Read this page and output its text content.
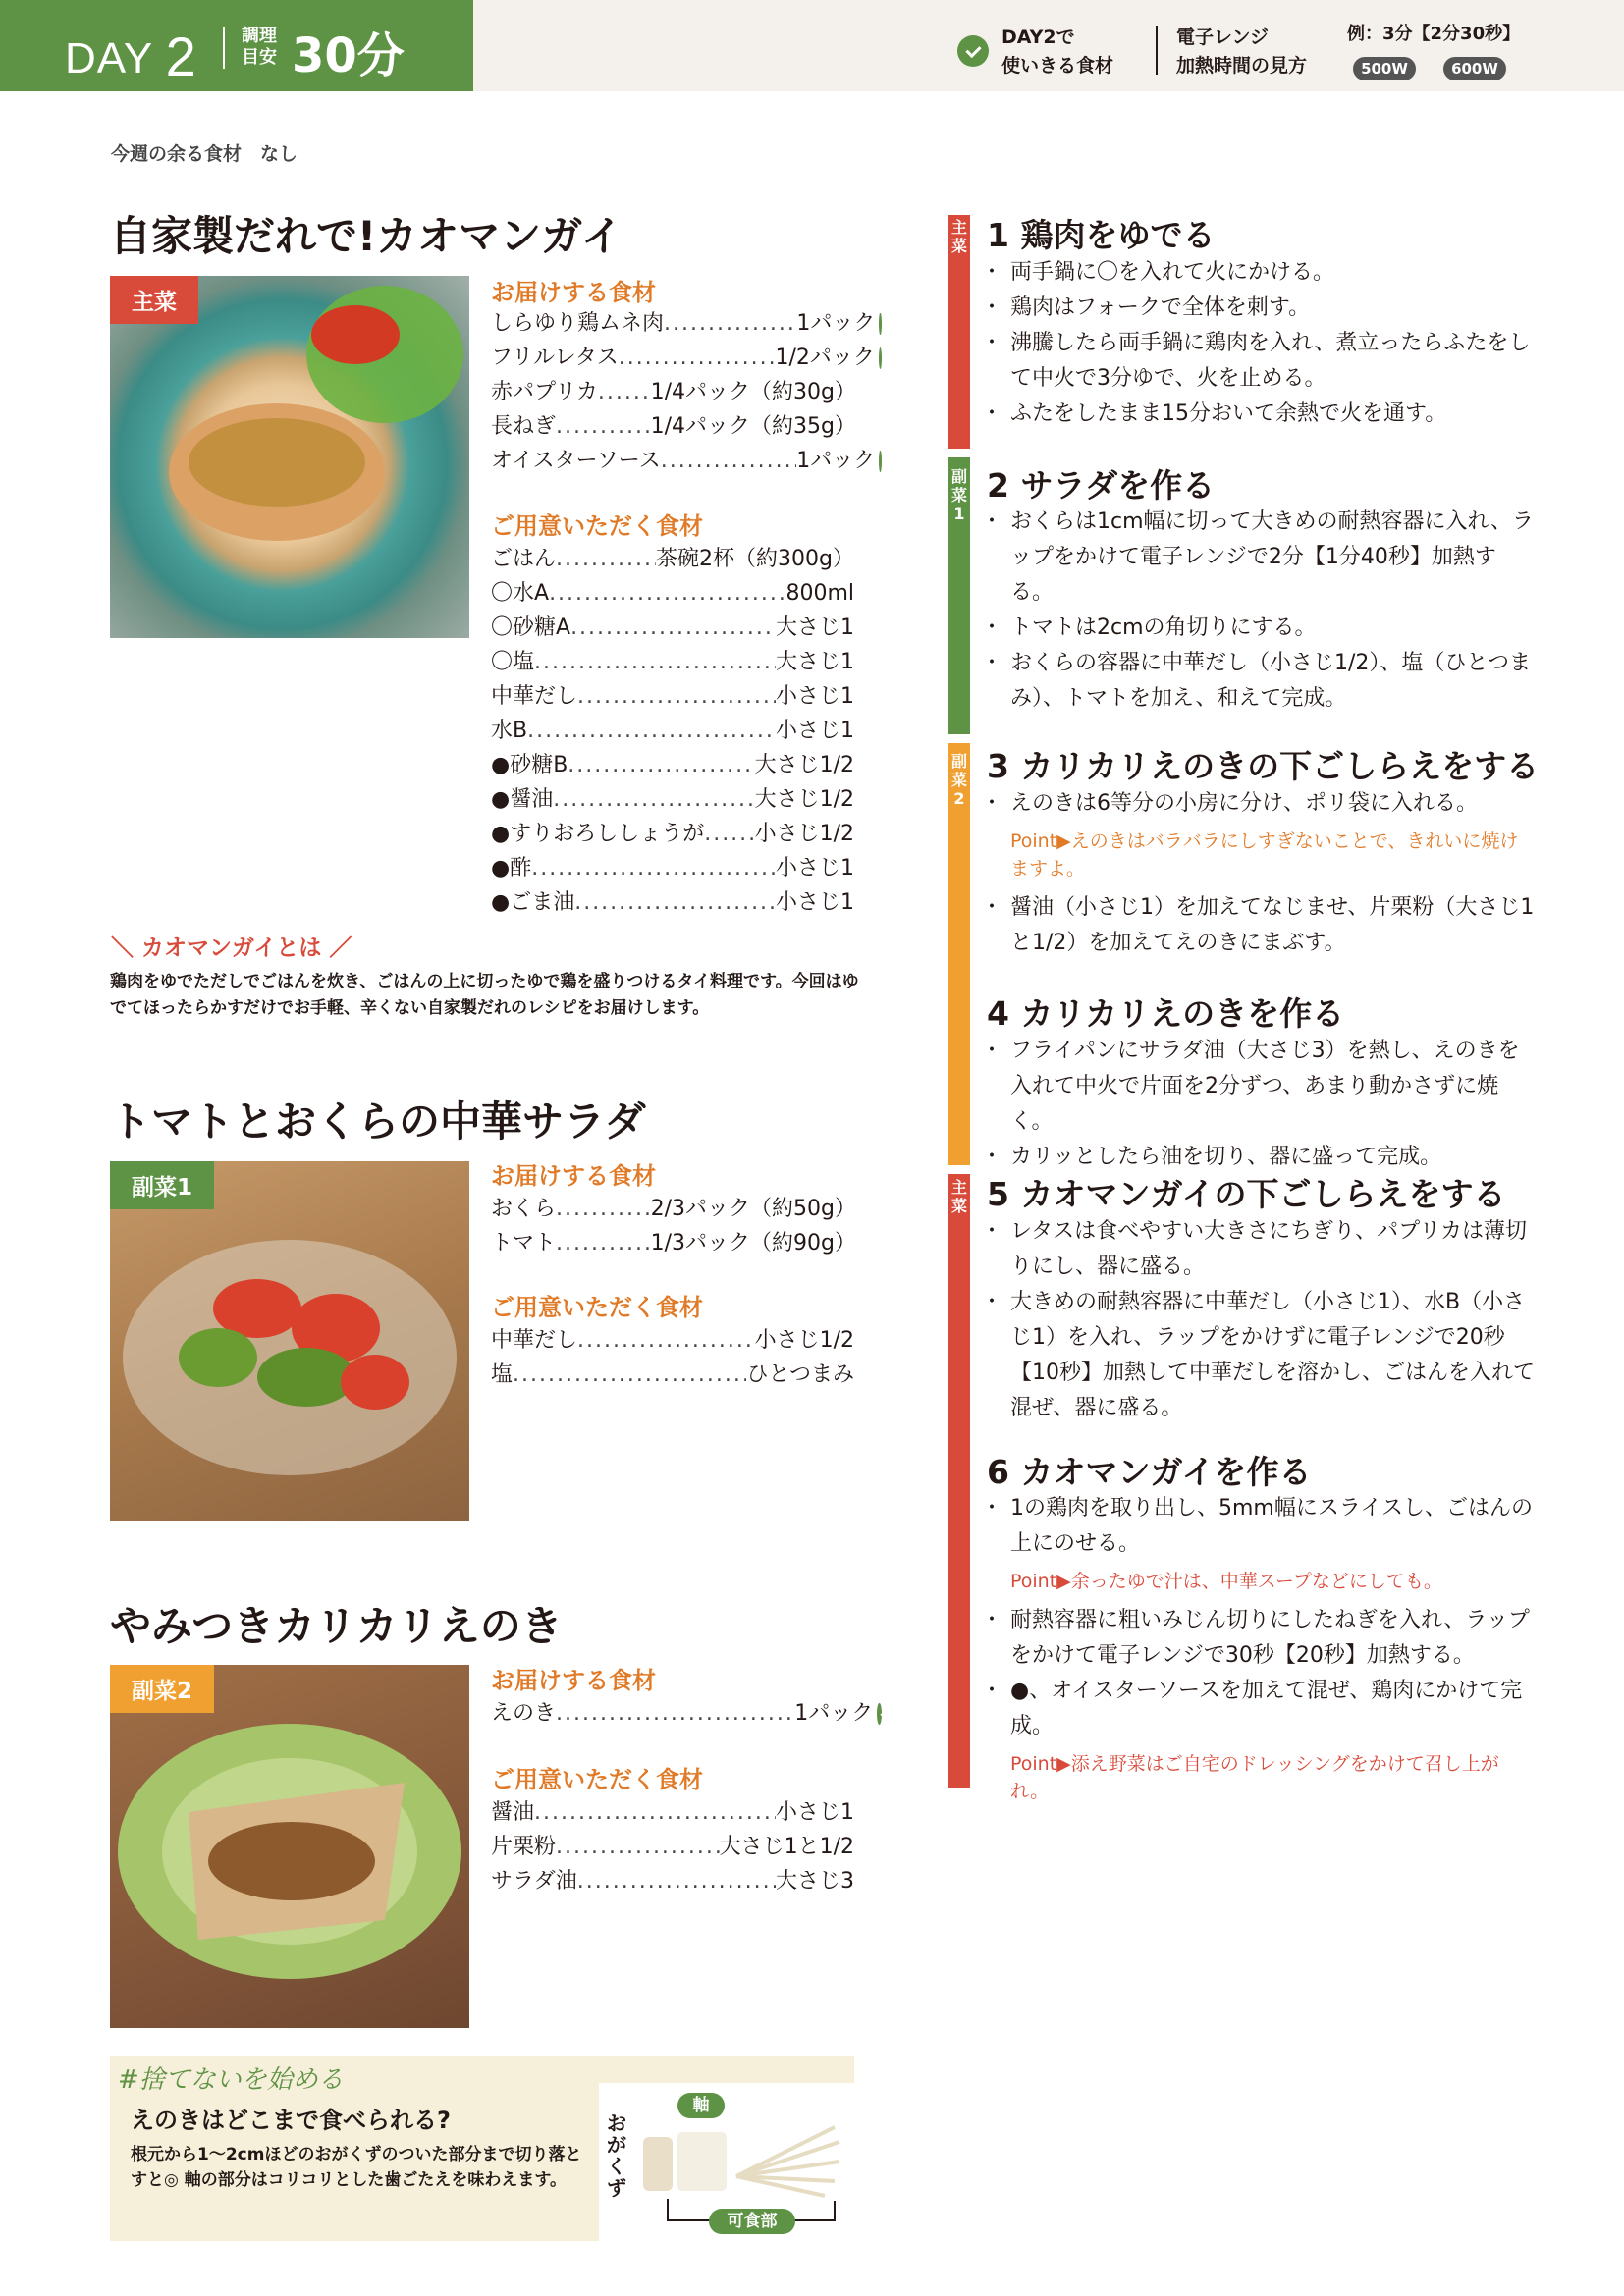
DAY 2	調理
目安 30分	DAY2で
使いきる食材
電子レンジ
加熱時間の見方
例：3分【2分30秒】
500W	600W
今週の余る食材　なし
自家製だれで!カオマンガイ
主菜	お届けする食材
しらゆり鶏ムネ肉 .....	1パック
フリルレタス .....	1/2パック
赤パプリカ ..... 1/4パック（約30g）
長ねぎ .....	1/4パック（約35g）
オイスターソース .....	1パック
ご用意いただく食材
ごはん .....	茶碗2杯（約300g）
〇水A .....	800ml
〇砂糖A .....	大さじ1
〇塩 .....	大さじ1
中華だし .....	小さじ1
水B .....	小さじ1
●砂糖B .....	大さじ1/2
●醤油 .....	大さじ1/2
●すりおろししょうが ..... 小さじ1/2
●酢 .....	小さじ1
●ごま油 .....	小さじ1
＼ カオマンガイとは ／
鶏肉をゆでただしでごはんを炊き、ごはんの上に切ったゆで鶏を盛りつけるタイ料理です。今回はゆでてほったらかすだけでお手軽、辛くない自家製だれのレシピをお届けします。
トマトとおくらの中華サラダ
副菜1	お届けする食材
おくら .....	2/3パック（約50g）
トマト .....	1/3パック（約90g）
ご用意いただく食材
中華だし .....	小さじ1/2
塩 .....	ひとつまみ
やみつきカリカリえのき
副菜2	お届けする食材
えのき .....	1パック
ご用意いただく食材
醤油 .....	小さじ1
片栗粉 .....	大さじ1と1/2
サラダ油 .....	大さじ3
#捨てないを始める
えのきはどこまで食べられる?
根元から1～2cmほどのおがくずのついた部分まで切り落とすと◎ 軸の部分はコリコリとした歯ごたえを味わえます。
おがくず
軸
可食部
主菜
副菜1
副菜2
主菜
1 鶏肉をゆでる
・ 両手鍋に〇を入れて火にかける。
・ 鶏肉はフォークで全体を刺す。
・ 沸騰したら両手鍋に鶏肉を入れ、煮立ったらふたをして中火で3分ゆで、火を止める。
・ ふたをしたまま15分おいて余熱で火を通す。
2 サラダを作る
・ おくらは1cm幅に切って大きめの耐熱容器に入れ、ラップをかけて電子レンジで2分【1分40秒】加熱する。
・ トマトは2cmの角切りにする。
・ おくらの容器に中華だし（小さじ1/2）、塩（ひとつまみ）、トマトを加え、和えて完成。
3 カリカリえのきの下ごしらえをする
・ えのきは6等分の小房に分け、ポリ袋に入れる。
Point▶えのきはバラバラにしすぎないことで、きれいに焼けますよ。
・ 醤油（小さじ1）を加えてなじませ、片栗粉（大さじ1と1/2）を加えてえのきにまぶす。
4 カリカリえのきを作る
・ フライパンにサラダ油（大さじ3）を熱し、えのきを入れて中火で片面を2分ずつ、あまり動かさずに焼く。
・ カリッとしたら油を切り、器に盛って完成。
5 カオマンガイの下ごしらえをする
・ レタスは食べやすい大きさにちぎり、パプリカは薄切りにし、器に盛る。
・ 大きめの耐熱容器に中華だし（小さじ1）、水B（小さじ1）を入れ、ラップをかけずに電子レンジで20秒【10秒】加熱して中華だしを溶かし、ごはんを入れて混ぜ、器に盛る。
6 カオマンガイを作る
・ 1の鶏肉を取り出し、5mm幅にスライスし、ごはんの上にのせる。
Point▶余ったゆで汁は、中華スープなどにしても。
・ 耐熱容器に粗いみじん切りにしたねぎを入れ、ラップをかけて電子レンジで30秒【20秒】加熱する。
・ ●、オイスターソースを加えて混ぜ、鶏肉にかけて完成。
Point▶添え野菜はご自宅のドレッシングをかけて召し上がれ。
